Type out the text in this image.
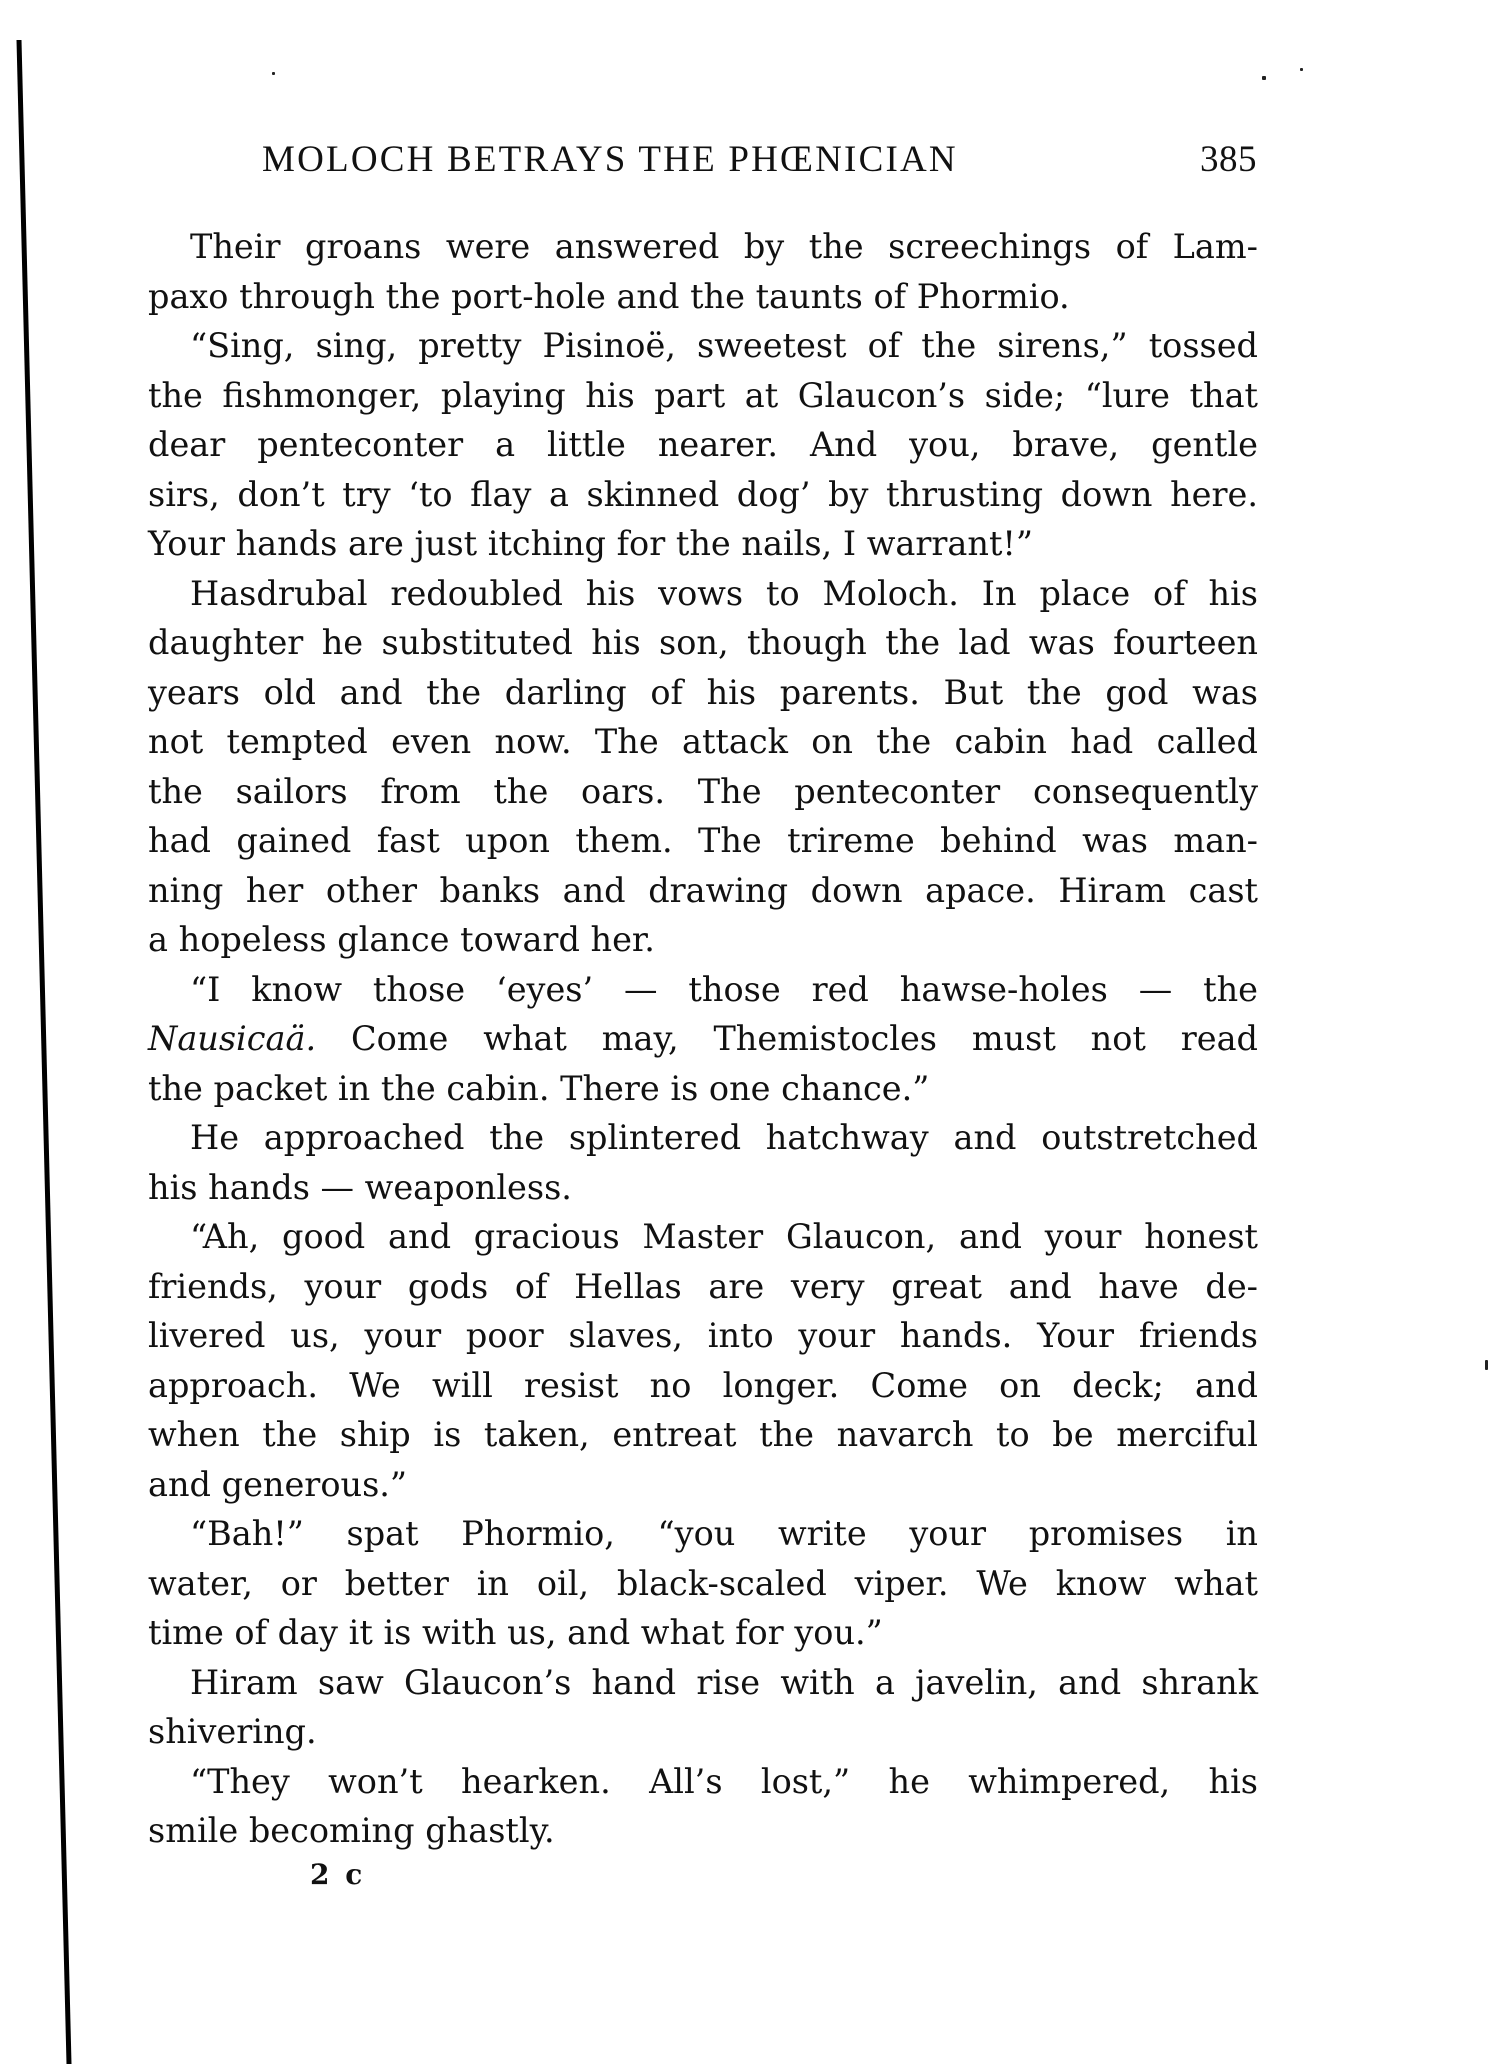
MOLOCH BETRAYS THE PHŒNICIAN	385
Their groans were answered by the screechings of Lam-
paxo through the port-hole and the taunts of Phormio.
“Sing, sing, pretty Pisinoë, sweetest of the sirens,” tossed
the fishmonger, playing his part at Glaucon’s side; “lure that
dear penteconter a little nearer. And you, brave, gentle
sirs, don’t try ‘to flay a skinned dog’ by thrusting down here.
Your hands are just itching for the nails, I warrant!”
Hasdrubal redoubled his vows to Moloch. In place of his
daughter he substituted his son, though the lad was fourteen
years old and the darling of his parents. But the god was
not tempted even now. The attack on the cabin had called
the sailors from the oars. The penteconter consequently
had gained fast upon them. The trireme behind was man-
ning her other banks and drawing down apace. Hiram cast
a hopeless glance toward her.
“I know those ‘eyes’ — those red hawse-holes — the
Nausicaä. Come what may, Themistocles must not read
the packet in the cabin. There is one chance.”
He approached the splintered hatchway and outstretched
his hands — weaponless.
“Ah, good and gracious Master Glaucon, and your honest
friends, your gods of Hellas are very great and have de-
livered us, your poor slaves, into your hands. Your friends
approach. We will resist no longer. Come on deck; and
when the ship is taken, entreat the navarch to be merciful
and generous.”
“Bah!” spat Phormio, “you write your promises in
water, or better in oil, black-scaled viper. We know what
time of day it is with us, and what for you.”
Hiram saw Glaucon’s hand rise with a javelin, and shrank
shivering.
“They won’t hearken. All’s lost,” he whimpered, his
smile becoming ghastly.
2 c
